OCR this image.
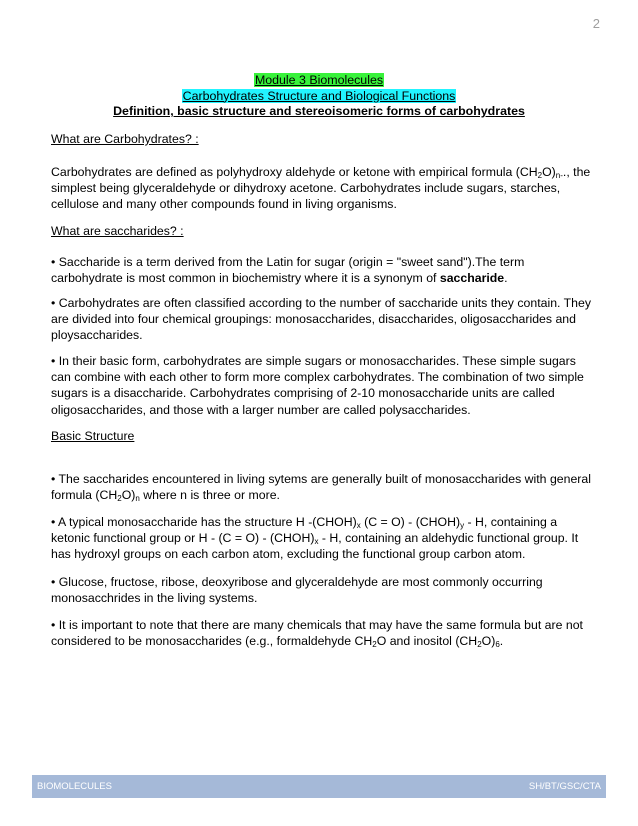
2
Module 3 Biomolecules
Carbohydrates Structure and Biological Functions
Definition, basic structure and stereoisomeric forms of carbohydrates
What are Carbohydrates? :

Carbohydrates are defined as polyhydroxy aldehyde or ketone with empirical formula $(CH_2O)_{n-}$., the simplest being glyceraldehyde or dihydroxy acetone. Carbohydrates include sugars, starches, cellulose and many other compounds found in living organisms.

What are saccharides? :

• Saccharide is a term derived from the Latin for sugar (origin = "sweet sand").The term carbohydrate is most common in biochemistry where it is a synonym of saccharide.

• Carbohydrates are often classified according to the number of saccharide units they contain. They are divided into four chemical groupings: monosaccharides, disaccharides, oligosaccharides and ploysaccharides.

• In their basic form, carbohydrates are simple sugars or monosaccharides. These simple sugars can combine with each other to form more complex carbohydrates. The combination of two simple sugars is a disaccharide. Carbohydrates comprising of 2-10 monosaccharide units are called oligosaccharides, and those with a larger number are called polysaccharides.

Basic Structure

• The saccharides encountered in living sytems are generally built of monosaccharides with general formula $(CH_2O)_n$ where n is three or more.

• A typical monosaccharide has the structure H $-(CHOH)_x$ $(C = O) - (CHOH)_y - H$, containing a ketonic functional group or $H - (C = O) - (CHOH)_x - H$, containing an aldehydic functional group. It has hydroxyl groups on each carbon atom, excluding the functional group carbon atom.

• Glucose, fructose, ribose, deoxyribose and glyceraldehyde are most commonly occurring monosacchrides in the living systems.

• It is important to note that there are many chemicals that may have the same formula but are not considered to be monosaccharides (e.g., formaldehyde $CH_2O$ and inositol $(CH_2O)_6$.

BIOMOLECULES	SH/BT/GSC/CTA
